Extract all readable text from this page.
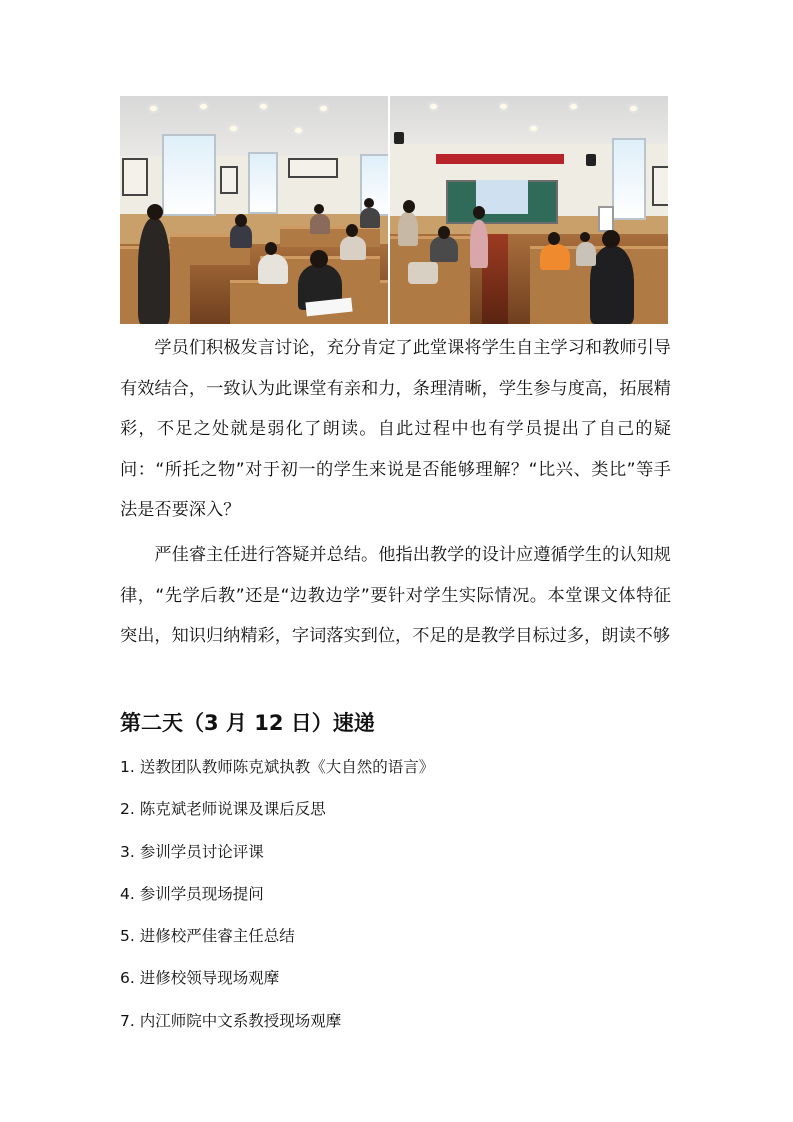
学员们积极发言讨论，充分肯定了此堂课将学生自主学习和教师引导有效结合，一致认为此课堂有亲和力，条理清晰，学生参与度高，拓展精彩，不足之处就是弱化了朗读。自此过程中也有学员提出了自己的疑问：“所托之物”对于初一的学生来说是否能够理解？“比兴、类比”等手法是否要深入？

严佳睿主任进行答疑并总结。他指出教学的设计应遵循学生的认知规律，“先学后教”还是“边教边学”要针对学生实际情况。本堂课文体特征突出，知识归纳精彩，字词落实到位，不足的是教学目标过多，朗读不够

第二天（3 月 12 日）速递
1. 送教团队教师陈克斌执教《大自然的语言》
2. 陈克斌老师说课及课后反思
3. 参训学员讨论评课
4. 参训学员现场提问
5. 进修校严佳睿主任总结
6. 进修校领导现场观摩
7. 内江师院中文系教授现场观摩
